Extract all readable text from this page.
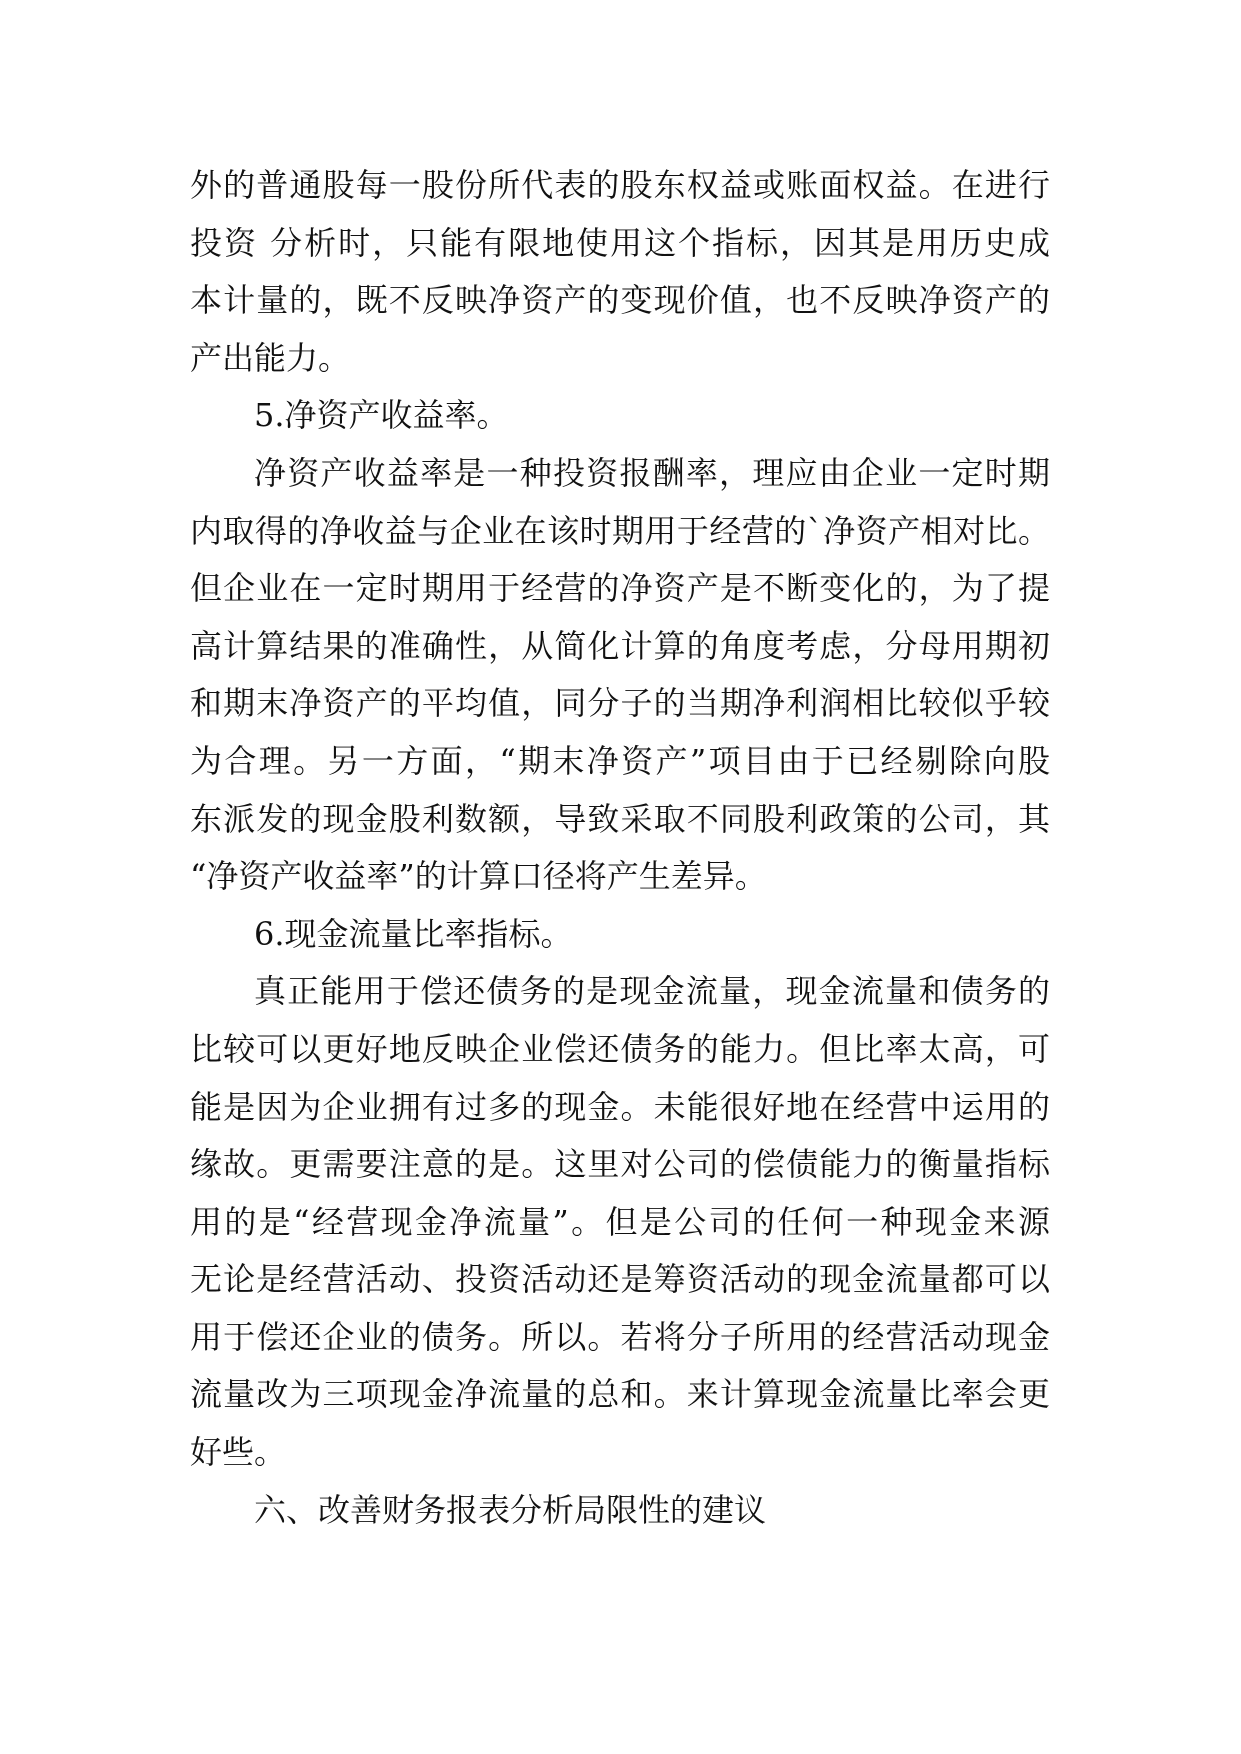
外的普通股每一股份所代表的股东权益或账面权益。在进行
投资 分析时，只能有限地使用这个指标，因其是用历史成
本计量的，既不反映净资产的变现价值，也不反映净资产的
产出能力。
5.净资产收益率。
净资产收益率是一种投资报酬率，理应由企业一定时期
内取得的净收益与企业在该时期用于经营的`净资产相对比。
但企业在一定时期用于经营的净资产是不断变化的，为了提
高计算结果的准确性，从简化计算的角度考虑，分母用期初
和期末净资产的平均值，同分子的当期净利润相比较似乎较
为合理。另一方面，“期末净资产”项目由于已经剔除向股
东派发的现金股利数额，导致采取不同股利政策的公司，其
“净资产收益率”的计算口径将产生差异。
6.现金流量比率指标。
真正能用于偿还债务的是现金流量，现金流量和债务的
比较可以更好地反映企业偿还债务的能力。但比率太高，可
能是因为企业拥有过多的现金。未能很好地在经营中运用的
缘故。更需要注意的是。这里对公司的偿债能力的衡量指标
用的是“经营现金净流量”。但是公司的任何一种现金来源
无论是经营活动、投资活动还是筹资活动的现金流量都可以
用于偿还企业的债务。所以。若将分子所用的经营活动现金
流量改为三项现金净流量的总和。来计算现金流量比率会更
好些。
六、改善财务报表分析局限性的建议
